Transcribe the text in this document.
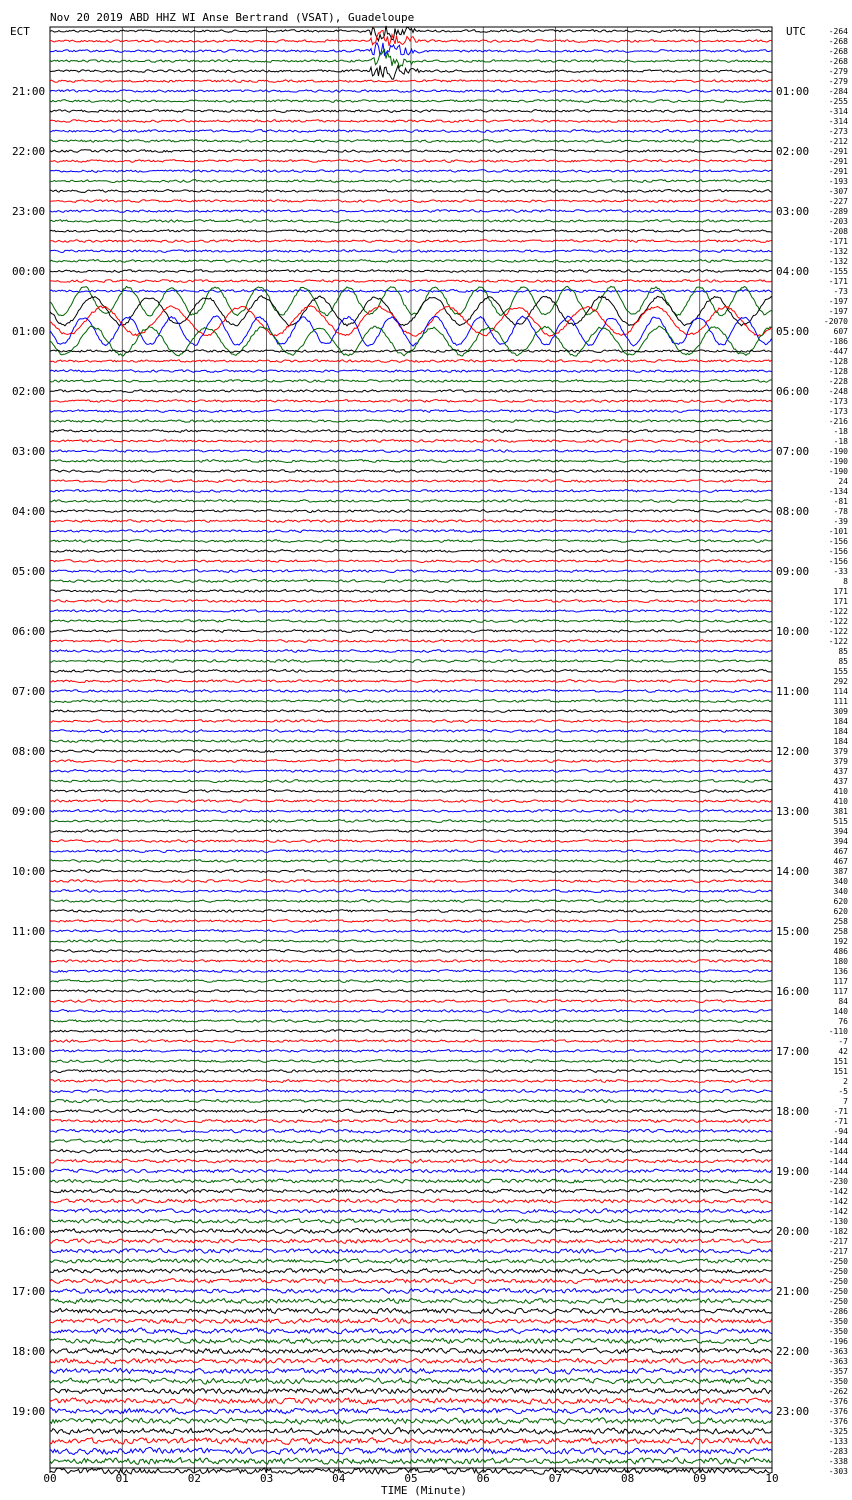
Nov 20 2019 ABD HHZ WI Anse Bertrand (VSAT), Guadeloupe
ECT	UTC
21:00
22:00
23:00
00:00
01:00
02:00
03:00
04:00
05:00
06:00
07:00
08:00
09:00
10:00
11:00
12:00
13:00
14:00
15:00
16:00
17:00
18:00
19:00
01:00
02:00
03:00
04:00
05:00
06:00
07:00
08:00
09:00
10:00
11:00
12:00
13:00
14:00
15:00
16:00
17:00
18:00
19:00
20:00
21:00
22:00
23:00
-264
-268
-268
-268
-279
-279
-284
-255
-314
-314
-273
-212
-291
-291
-291
-193
-307
-227
-289
-203
-208
-171
-132
-132
-155
-171
-73
-197
-197
-2070
607
-186
-447
-128
-128
-228
-248
-173
-173
-216
-18
-18
-190
-190
-190
24
-134
-81
-78
-39
-101
-156
-156
-156
-33
8
171
171
-122
-122
-122
-122
85
85
155
292
114
111
309
184
184
184
379
379
437
437
410
410
381
515
394
394
467
467
387
340
340
620
620
258
258
192
486
180
136
117
117
84
140
76
-110
-7
42
151
151
2
-5
7
-71
-71
-94
-144
-144
-144
-144
-230
-142
-142
-142
-130
-182
-217
-217
-250
-250
-250
-250
-250
-286
-350
-350
-196
-363
-363
-357
-350
-262
-376
-376
-376
-325
-133
-283
-338
-303
00	01	02	03	04	05	06	07	08	09	10
TIME (Minute)
